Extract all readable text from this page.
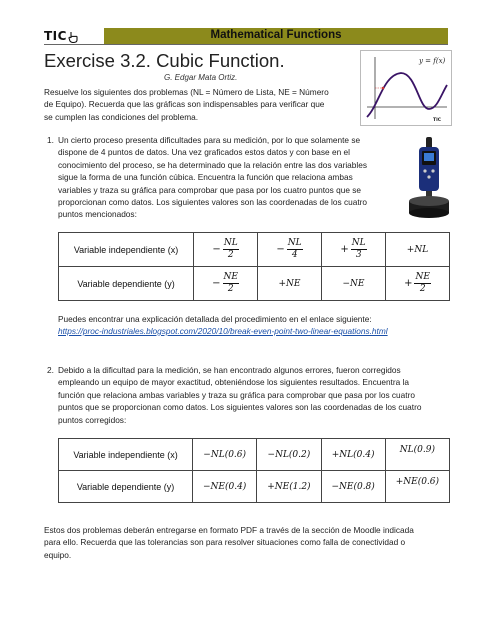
TIC	Mathematical Functions
Exercise 3.2. Cubic Function.
G. Edgar Mata Ortiz.
y = f(x)
TIC
Resuelve los siguientes dos problemas (NL = Número de Lista, NE = Número
de Equipo). Recuerda que las gráficas son indispensables para verificar que
se cumplen las condiciones del problema.
1. Un cierto proceso presenta dificultades para su medición, por lo que solamente se
dispone de 4 puntos de datos. Una vez graficados estos datos y con base en el
conocimiento del proceso, se ha determinado que la relación entre las dos variables
sigue la forma de una función cúbica. Encuentra la función que relaciona ambas
variables y traza su gráfica para comprobar que pasa por los cuatro puntos que se
proporcionan como datos. Los siguientes valores son las coordenadas de los cuatro
puntos mencionados:
Variable independiente (x)	− $\frac{NL}{2}$	− $\frac{NL}{4}$	+ $\frac{NL}{3}$	+NL
Variable dependiente (y)	− $\frac{NE}{2}$	+NE	−NE	+ $\frac{NE}{2}$
Puedes encontrar una explicación detallada del procedimiento en el enlace siguiente:
https://proc-industriales.blogspot.com/2020/10/break-even-point-two-linear-equations.html
2. Debido a la dificultad para la medición, se han encontrado algunos errores, fueron corregidos
empleando un equipo de mayor exactitud, obteniéndose los siguientes resultados. Encuentra la
función que relaciona ambas variables y traza su gráfica para comprobar que pasa por los cuatro
puntos que se proporcionan como datos. Los siguientes valores son las coordenadas de los cuatro
puntos corregidos:
Variable independiente (x)	−NL(0.6)	−NL(0.2)	+NL(0.4)	NL(0.9)
Variable dependiente (y)	−NE(0.4)	+NE(1.2)	−NE(0.8)	+NE(0.6)
Estos dos problemas deberán entregarse en formato PDF a través de la sección de Moodle indicada
para ello. Recuerda que las tolerancias son para resolver situaciones como falla de conectividad o
equipo.
